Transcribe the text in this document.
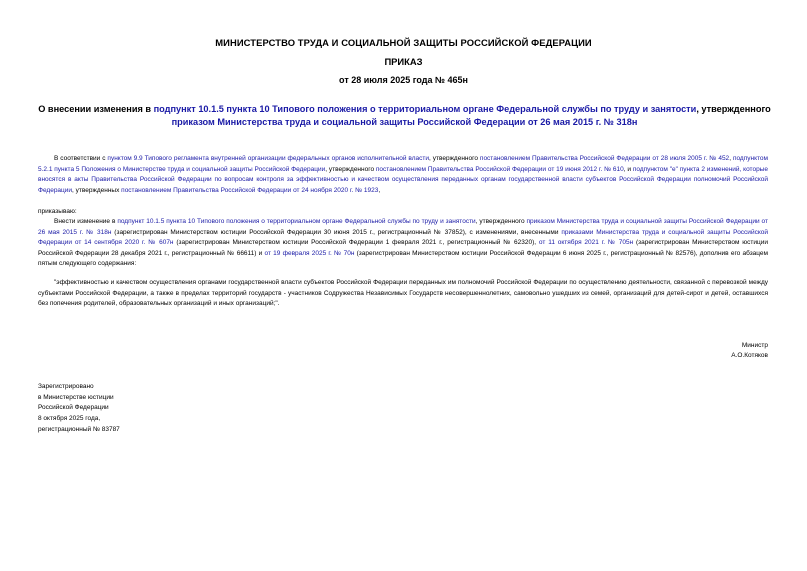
МИНИСТЕРСТВО ТРУДА И СОЦИАЛЬНОЙ ЗАЩИТЫ РОССИЙСКОЙ ФЕДЕРАЦИИ
ПРИКАЗ
от 28 июля 2025 года № 465н
О внесении изменения в подпункт 10.1.5 пункта 10 Типового положения о территориальном органе Федеральной службы по труду и занятости, утвержденного приказом Министерства труда и социальной защиты Российской Федерации от 26 мая 2015 г. № 318н
В соответствии с пунктом 9.9 Типового регламента внутренней организации федеральных органов исполнительной власти, утвержденного постановлением Правительства Российской Федерации от 28 июля 2005 г. № 452, подпунктом 5.2.1 пункта 5 Положения о Министерстве труда и социальной защиты Российской Федерации, утвержденного постановлением Правительства Российской Федерации от 19 июня 2012 г. № 610, и подпунктом "е" пункта 2 изменений, которые вносятся в акты Правительства Российской Федерации по вопросам контроля за эффективностью и качеством осуществления переданных органам государственной власти субъектов Российской Федерации полномочий Российской Федерации, утвержденных постановлением Правительства Российской Федерации от 24 ноября 2020 г. № 1923,
приказываю:
Внести изменение в подпункт 10.1.5 пункта 10 Типового положения о территориальном органе Федеральной службы по труду и занятости, утвержденного приказом Министерства труда и социальной защиты Российской Федерации от 26 мая 2015 г. № 318н (зарегистрирован Министерством юстиции Российской Федерации 30 июня 2015 г., регистрационный № 37852), с изменениями, внесенными приказами Министерства труда и социальной защиты Российской Федерации от 14 сентября 2020 г. № 607н (зарегистрирован Министерством юстиции Российской Федерации 1 февраля 2021 г., регистрационный № 62320), от 11 октября 2021 г. № 705н (зарегистрирован Министерством юстиции Российской Федерации 28 декабря 2021 г., регистрационный № 66611) и от 19 февраля 2025 г. № 70н (зарегистрирован Министерством юстиции Российской Федерации 6 июня 2025 г., регистрационный № 82576), дополнив его абзацем пятым следующего содержания:
"эффективностью и качеством осуществления органами государственной власти субъектов Российской Федерации переданных им полномочий Российской Федерации по осуществлению деятельности, связанной с перевозкой между субъектами Российской Федерации, а также в пределах территорий государств - участников Содружества Независимых Государств несовершеннолетних, самовольно ушедших из семей, организаций для детей-сирот и детей, оставшихся без попечения родителей, образовательных организаций и иных организаций;".
Министр
А.О.Котяков
Зарегистрировано
в Министерстве юстиции
Российской Федерации
8 октября 2025 года,
регистрационный № 83787
